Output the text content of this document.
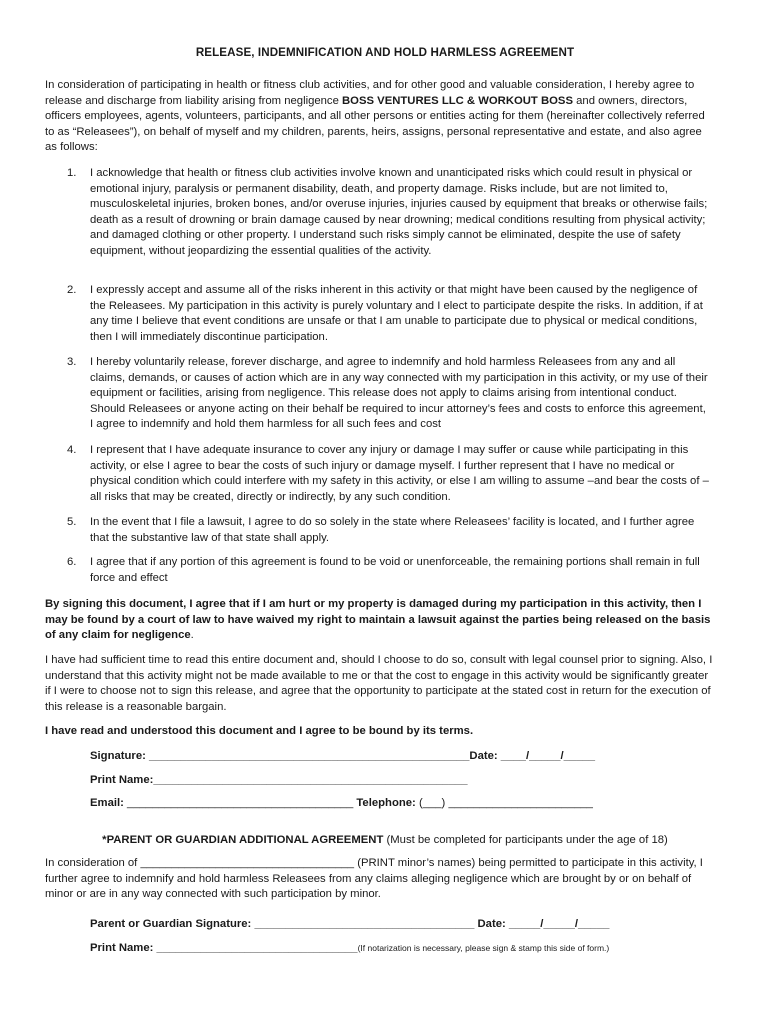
RELEASE, INDEMNIFICATION AND HOLD HARMLESS AGREEMENT
In consideration of participating in health or fitness club activities, and for other good and valuable consideration, I hereby agree to release and discharge from liability arising from negligence BOSS VENTURES LLC & WORKOUT BOSS and owners, directors, officers employees, agents, volunteers, participants, and all other persons or entities acting for them (hereinafter collectively referred to as “Releasees”), on behalf of myself and my children, parents, heirs, assigns, personal representative and estate, and also agree as follows:
1.	I acknowledge that health or fitness club activities involve known and unanticipated risks which could result in physical or emotional injury, paralysis or permanent disability, death, and property damage. Risks include, but are not limited to, musculoskeletal injuries, broken bones, and/or overuse injuries, injuries caused by equipment that breaks or otherwise fails; death as a result of drowning or brain damage caused by near drowning; medical conditions resulting from physical activity; and damaged clothing or other property. I understand such risks simply cannot be eliminated, despite the use of safety equipment, without jeopardizing the essential qualities of the activity.
2.	I expressly accept and assume all of the risks inherent in this activity or that might have been caused by the negligence of the Releasees. My participation in this activity is purely voluntary and I elect to participate despite the risks. In addition, if at any time I believe that event conditions are unsafe or that I am unable to participate due to physical or medical conditions, then I will immediately discontinue participation.
3.	I hereby voluntarily release, forever discharge, and agree to indemnify and hold harmless Releasees from any and all claims, demands, or causes of action which are in any way connected with my participation in this activity, or my use of their equipment or facilities, arising from negligence. This release does not apply to claims arising from intentional conduct. Should Releasees or anyone acting on their behalf be required to incur attorney’s fees and costs to enforce this agreement, I agree to indemnify and hold them harmless for all such fees and cost
4.	I represent that I have adequate insurance to cover any injury or damage I may suffer or cause while participating in this activity, or else I agree to bear the costs of such injury or damage myself. I further represent that I have no medical or physical condition which could interfere with my safety in this activity, or else I am willing to assume –and bear the costs of – all risks that may be created, directly or indirectly, by any such condition.
5.	In the event that I file a lawsuit, I agree to do so solely in the state where Releasees’ facility is located, and I further agree that the substantive law of that state shall apply.
6.	I agree that if any portion of this agreement is found to be void or unenforceable, the remaining portions shall remain in full force and effect
By signing this document, I agree that if I am hurt or my property is damaged during my participation in this activity, then I may be found by a court of law to have waived my right to maintain a lawsuit against the parties being released on the basis of any claim for negligence.
I have had sufficient time to read this entire document and, should I choose to do so, consult with legal counsel prior to signing. Also, I understand that this activity might not be made available to me or that the cost to engage in this activity would be significantly greater if I were to choose not to sign this release, and agree that the opportunity to participate at the stated cost in return for the execution of this release is a reasonable bargain.
I have read and understood this document and I agree to be bound by its terms.
Signature: ___________________________________________________Date: ____/_____/_____
Print Name:__________________________________________________
Email: ____________________________________ Telephone: (___) _______________________
*PARENT OR GUARDIAN ADDITIONAL AGREEMENT (Must be completed for participants under the age of 18)
In consideration of __________________________________ (PRINT minor’s names) being permitted to participate in this activity, I further agree to indemnify and hold harmless Releasees from any claims alleging negligence which are brought by or on behalf of minor or are in any way connected with such participation by minor.
Parent or Guardian Signature: ___________________________________ Date: _____/_____/_____
Print Name: ________________________________(If notarization is necessary, please sign & stamp this side of form.)
